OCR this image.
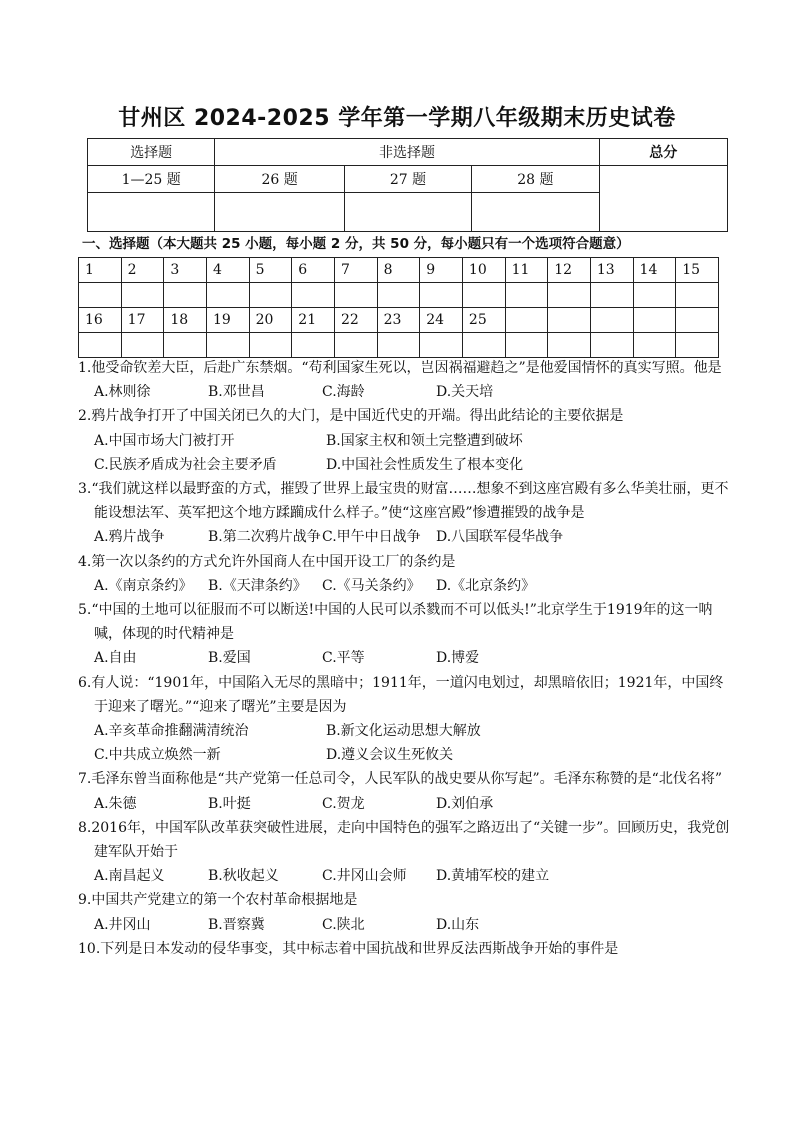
甘州区 2024-2025 学年第一学期八年级期末历史试卷
选择题	非选择题			总分
1—25 题	26 题	27 题	28 题	

一、选择题（本大题共 25 小题，每小题 2 分，共 50 分，每小题只有一个选项符合题意）
1	2	3	4	5	6	7	8	9	10	11	12	13	14	15

16	17	18	19	20	21	22	23	24	25					

1.他受命钦差大臣，后赴广东禁烟。“苟利国家生死以，岂因祸福避趋之”是他爱国情怀的真实写照。他是
A.林则徐	B.邓世昌	C.海龄	D.关天培
2.鸦片战争打开了中国关闭已久的大门，是中国近代史的开端。得出此结论的主要依据是
A.中国市场大门被打开	B.国家主权和领土完整遭到破坏
C.民族矛盾成为社会主要矛盾	D.中国社会性质发生了根本变化
3.“我们就这样以最野蛮的方式，摧毁了世界上最宝贵的财富……想象不到这座宫殿有多么华美壮丽，更不能设想法军、英军把这个地方蹂躏成什么样子。”使“这座宫殿”惨遭摧毁的战争是
A.鸦片战争	B.第二次鸦片战争C.甲午中日战争 D.八国联军侵华战争
4.第一次以条约的方式允许外国商人在中国开设工厂的条约是
A.《南京条约》 B.《天津条约》 C.《马关条约》 D.《北京条约》
5.“中国的土地可以征服而不可以断送!中国的人民可以杀戮而不可以低头!”北京学生于1919年的这一呐喊，体现的时代精神是
A.自由	B.爱国	C.平等	D.博爱
6.有人说：“1901年，中国陷入无尽的黑暗中；1911年，一道闪电划过，却黑暗依旧；1921年，中国终于迎来了曙光。”“迎来了曙光”主要是因为
A.辛亥革命推翻满清统治	B.新文化运动思想大解放
C.中共成立焕然一新	D.遵义会议生死攸关
7.毛泽东曾当面称他是“共产党第一任总司令，人民军队的战史要从你写起”。毛泽东称赞的是“北伐名将”
A.朱德	B.叶挺	C.贺龙	D.刘伯承
8.2016年，中国军队改革获突破性进展，走向中国特色的强军之路迈出了“关键一步”。回顾历史，我党创建军队开始于
A.南昌起义	B.秋收起义	C.井冈山会师 D.黄埔军校的建立
9.中国共产党建立的第一个农村革命根据地是
A.井冈山	B.晋察冀	C.陕北	D.山东
10.下列是日本发动的侵华事变，其中标志着中国抗战和世界反法西斯战争开始的事件是
